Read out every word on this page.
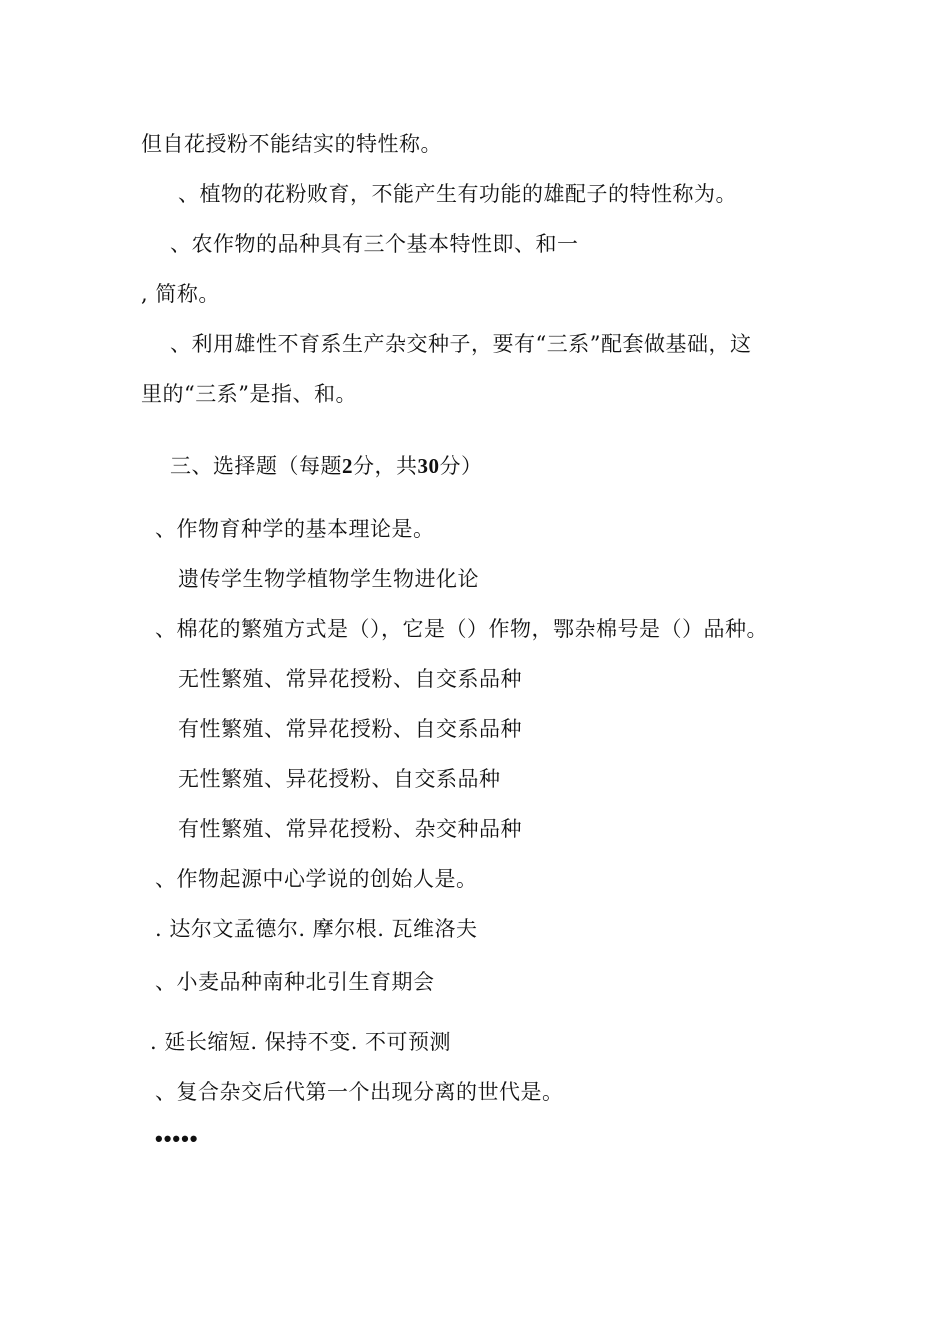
但自花授粉不能结实的特性称。
、植物的花粉败育，不能产生有功能的雄配子的特性称为。
、农作物的品种具有三个基本特性即、和一
, 简称。
、利用雄性不育系生产杂交种子，要有“三系”配套做基础，这
里的“三系”是指、和。
三、选择题（每题2分，共30分）
、作物育种学的基本理论是。
遗传学生物学植物学生物进化论
、棉花的繁殖方式是（），它是（）作物，鄂杂棉号是（）品种。
无性繁殖、常异花授粉、自交系品种
有性繁殖、常异花授粉、自交系品种
无性繁殖、异花授粉、自交系品种
有性繁殖、常异花授粉、杂交种品种
、作物起源中心学说的创始人是。
. 达尔文孟德尔. 摩尔根. 瓦维洛夫
、小麦品种南种北引生育期会
. 延长缩短. 保持不变. 不可预测
、复合杂交后代第一个出现分离的世代是。
•••••
